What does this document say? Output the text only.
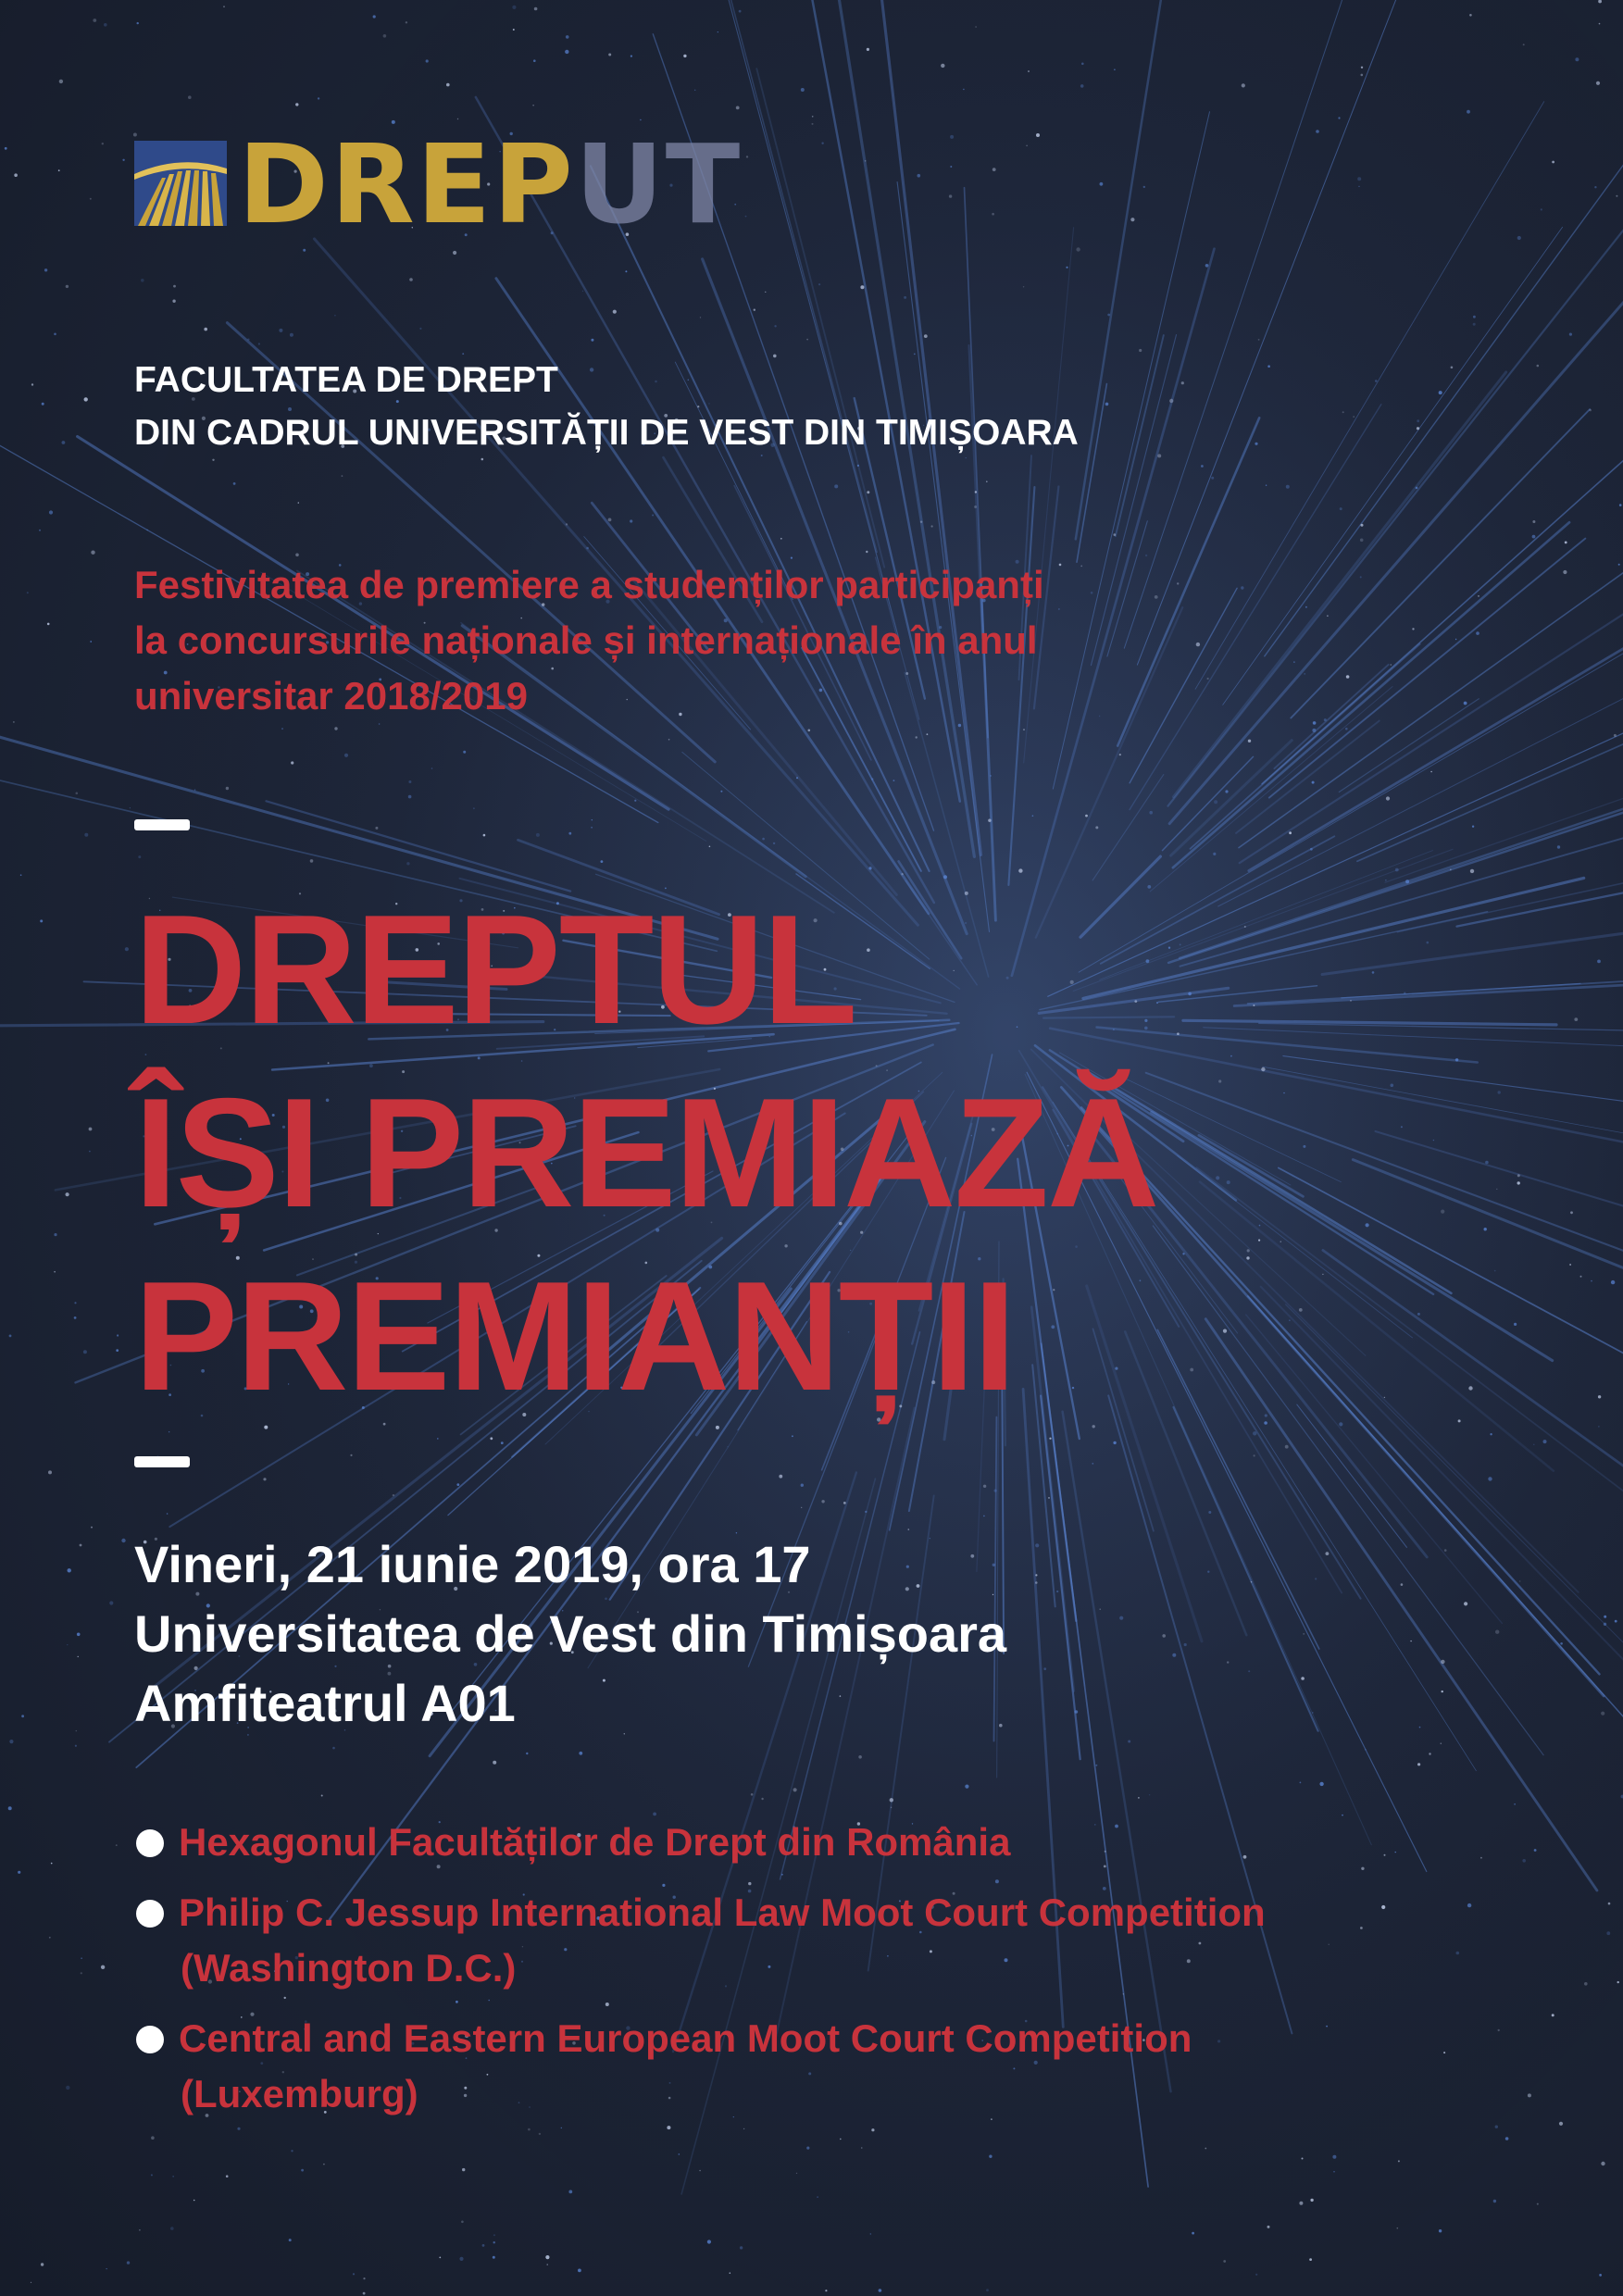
DREPUT
FACULTATEA DE DREPT
DIN CADRUL UNIVERSITĂȚII DE VEST DIN TIMIȘOARA
Festivitatea de premiere a studenților participanți
la concursurile naționale și internaționale în anul
universitar 2018/2019
DREPTUL
ÎȘI PREMIAZĂ
PREMIANȚII
Vineri, 21 iunie 2019, ora 17
Universitatea de Vest din Timișoara
Amfiteatrul A01
Hexagonul Facultăților de Drept din România
Philip C. Jessup International Law Moot Court Competition
(Washington D.C.)
Central and Eastern European Moot Court Competition
(Luxemburg)
